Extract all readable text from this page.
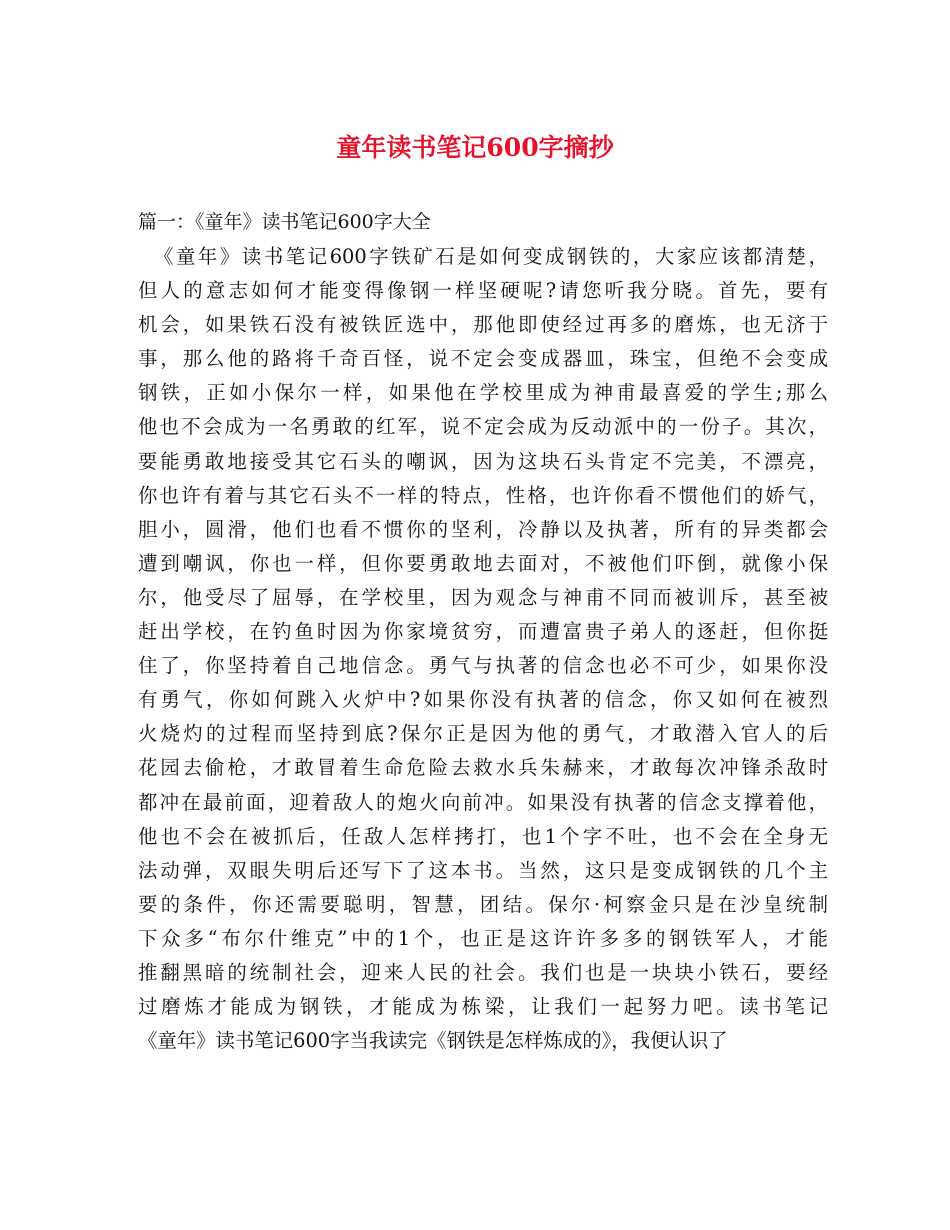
童年读书笔记600字摘抄

篇一：《童年》读书笔记600字大全

《童年》读书笔记600字铁矿石是如何变成钢铁的，大家应该都清楚，
但人的意志如何才能变得像钢一样坚硬呢?请您听我分晓。首先，要有
机会，如果铁石没有被铁匠选中，那他即使经过再多的磨炼，也无济于
事，那么他的路将千奇百怪，说不定会变成器皿，珠宝，但绝不会变成
钢铁，正如小保尔一样，如果他在学校里成为神甫最喜爱的学生;那么
他也不会成为一名勇敢的红军，说不定会成为反动派中的一份子。其次，
要能勇敢地接受其它石头的嘲讽，因为这块石头肯定不完美，不漂亮，
你也许有着与其它石头不一样的特点，性格，也许你看不惯他们的娇气，
胆小，圆滑，他们也看不惯你的坚利，冷静以及执著，所有的异类都会
遭到嘲讽，你也一样，但你要勇敢地去面对，不被他们吓倒，就像小保
尔，他受尽了屈辱，在学校里，因为观念与神甫不同而被训斥，甚至被
赶出学校，在钓鱼时因为你家境贫穷，而遭富贵子弟人的逐赶，但你挺
住了，你坚持着自己地信念。勇气与执著的信念也必不可少，如果你没
有勇气，你如何跳入火炉中?如果你没有执著的信念，你又如何在被烈
火烧灼的过程而坚持到底?保尔正是因为他的勇气，才敢潜入官人的后
花园去偷枪，才敢冒着生命危险去救水兵朱赫来，才敢每次冲锋杀敌时
都冲在最前面，迎着敌人的炮火向前冲。如果没有执著的信念支撑着他，
他也不会在被抓后，任敌人怎样拷打，也1个字不吐，也不会在全身无
法动弹，双眼失明后还写下了这本书。当然，这只是变成钢铁的几个主
要的条件，你还需要聪明，智慧，团结。保尔·柯察金只是在沙皇统制
下众多“布尔什维克”中的1个，也正是这许许多多的钢铁军人，才能
推翻黑暗的统制社会，迎来人民的社会。我们也是一块块小铁石，要经
过磨炼才能成为钢铁，才能成为栋梁，让我们一起努力吧。读书笔记
《童年》读书笔记600字当我读完《钢铁是怎样炼成的》，我便认识了
